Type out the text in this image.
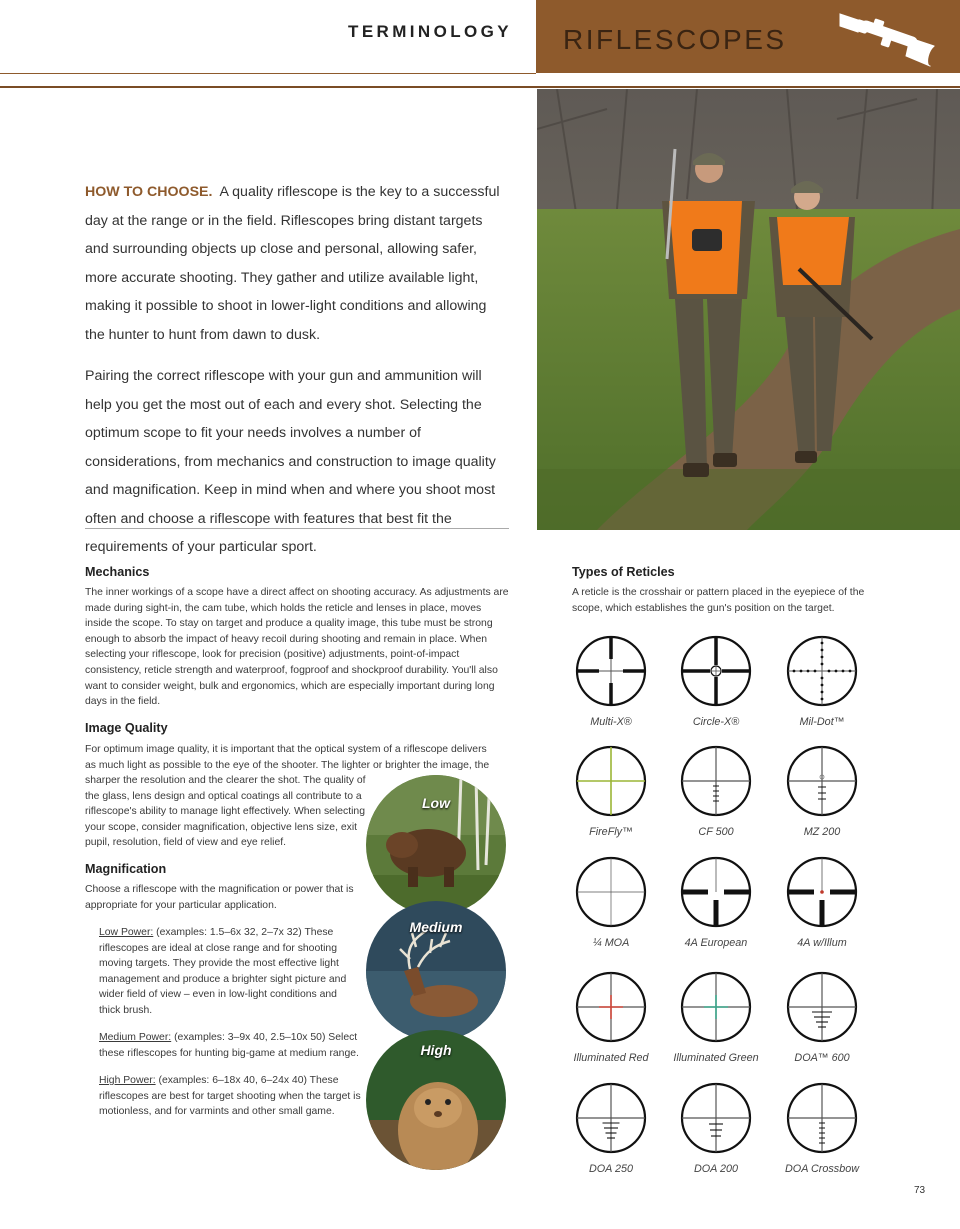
TERMINOLOGY RIFLESCOPES

HOW TO CHOOSE. A quality riflescope is the key to a successful day at the range or in the field. Riflescopes bring distant targets and surrounding objects up close and personal, allowing safer, more accurate shooting. They gather and utilize available light, making it possible to shoot in lower-light conditions and allowing the hunter to hunt from dawn to dusk.

Pairing the correct riflescope with your gun and ammunition will help you get the most out of each and every shot. Selecting the optimum scope to fit your needs involves a number of considerations, from mechanics and construction to image quality and magnification. Keep in mind when and where you shoot most often and choose a riflescope with features that best fit the requirements of your particular sport.

Mechanics
The inner workings of a scope have a direct affect on shooting accuracy. As adjustments are made during sight-in, the cam tube, which holds the reticle and lenses in place, moves inside the scope. To stay on target and produce a quality image, this tube must be strong enough to absorb the impact of heavy recoil during shooting and remain in place. When selecting your riflescope, look for precision (positive) adjustments, point-of-impact consistency, reticle strength and waterproof, fogproof and shockproof durability. You'll also want to consider weight, bulk and ergonomics, which are especially important during long days in the field.
Image Quality
For optimum image quality, it is important that the optical system of a riflescope delivers as much light as possible to the eye of the shooter. The lighter or brighter the image, the
sharper the resolution and the clearer the shot. The quality of the glass, lens design and optical coatings all contribute to a riflescope's ability to manage light effectively. When selecting your scope, consider magnification, objective lens size, exit pupil, resolution, field of view and eye relief.
Magnification
Choose a riflescope with the magnification or power that is appropriate for your particular application.
Low Power: (examples: 1.5–6x 32, 2–7x 32) These riflescopes are ideal at close range and for shooting moving targets. They provide the most effective light management and produce a brighter sight picture and wider field of view – even in low-light conditions and thick brush.
Medium Power: (examples: 3–9x 40, 2.5–10x 50) Select these riflescopes for hunting big-game at medium range.
High Power: (examples: 6–18x 40, 6–24x 40) These riflescopes are best for target shooting when the target is motionless, and for varmints and other small game.
Low
Medium
High
Types of Reticles
A reticle is the crosshair or pattern placed in the eyepiece of the scope, which establishes the gun's position on the target.
Multi-X®	Circle-X®	Mil-Dot™
FireFly™	CF 500	MZ 200
¼ MOA	4A European	4A w/Illum
Illuminated Red	Illuminated Green	DOA™ 600
DOA 250	DOA 200	DOA Crossbow
73
